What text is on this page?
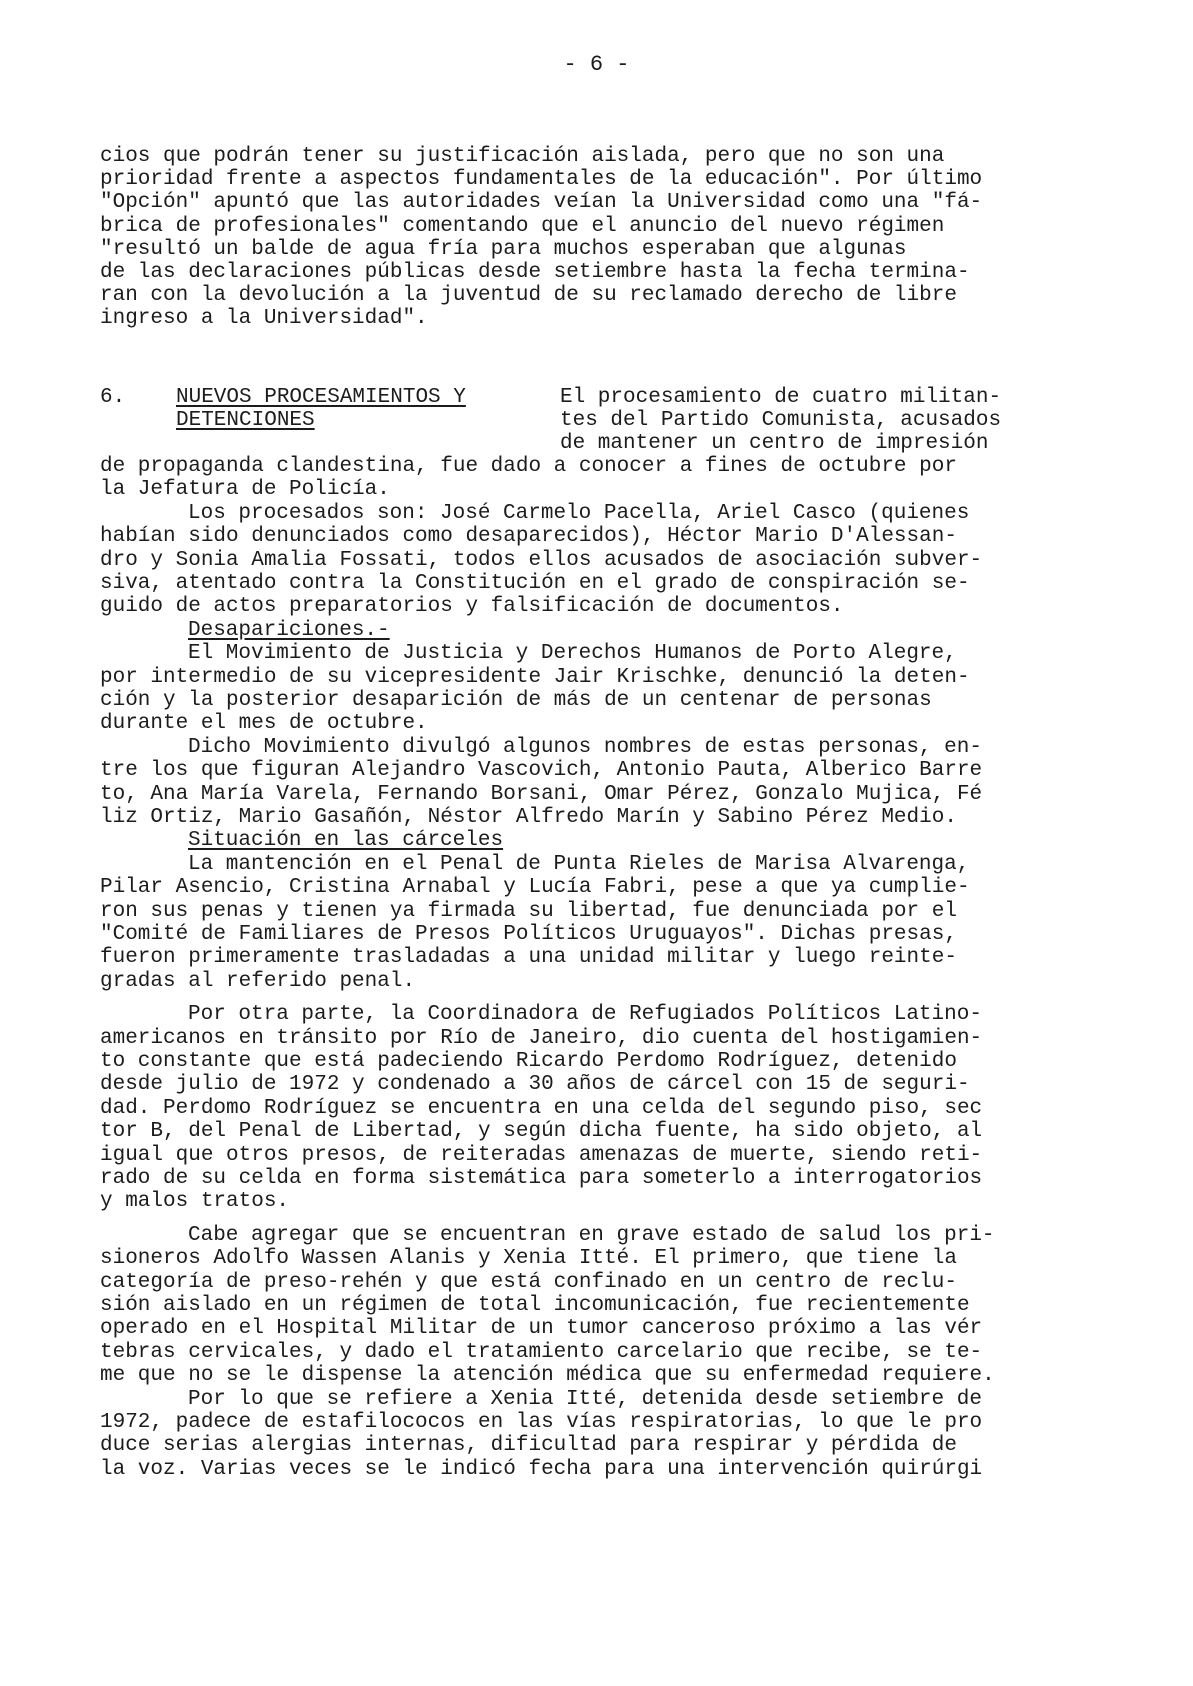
- 6 -
cios que podrán tener su justificación aislada, pero que no son una
prioridad frente a aspectos fundamentales de la educación". Por último
"Opción" apuntó que las autoridades veían la Universidad como una "fá-
brica de profesionales" comentando que el anuncio del nuevo régimen
"resultó un balde de agua fría para muchos esperaban que algunas
de las declaraciones públicas desde setiembre hasta la fecha termina-
ran con la devolución a la juventud de su reclamado derecho de libre
ingreso a la Universidad".
6. NUEVOS PROCESAMIENTOS Y
DETENCIONES
El procesamiento de cuatro militan-
tes del Partido Comunista, acusados
de mantener un centro de impresión
de propaganda clandestina, fue dado a conocer a fines de octubre por
la Jefatura de Policía.
Los procesados son: José Carmelo Pacella, Ariel Casco (quienes
habían sido denunciados como desaparecidos), Héctor Mario D'Alessan-
dro y Sonia Amalia Fossati, todos ellos acusados de asociación subver-
siva, atentado contra la Constitución en el grado de conspiración se-
guido de actos preparatorios y falsificación de documentos.
Desapariciones.-
El Movimiento de Justicia y Derechos Humanos de Porto Alegre,
por intermedio de su vicepresidente Jair Krischke, denunció la deten-
ción y la posterior desaparición de más de un centenar de personas
durante el mes de octubre.
Dicho Movimiento divulgó algunos nombres de estas personas, en-
tre los que figuran Alejandro Vascovich, Antonio Pauta, Alberico Barre
to, Ana María Varela, Fernando Borsani, Omar Pérez, Gonzalo Mujica, Fé
liz Ortiz, Mario Gasañón, Néstor Alfredo Marín y Sabino Pérez Medio.
Situación en las cárceles
La mantención en el Penal de Punta Rieles de Marisa Alvarenga,
Pilar Asencio, Cristina Arnabal y Lucía Fabri, pese a que ya cumplie-
ron sus penas y tienen ya firmada su libertad, fue denunciada por el
"Comité de Familiares de Presos Políticos Uruguayos". Dichas presas,
fueron primeramente trasladadas a una unidad militar y luego reinte-
gradas al referido penal.
Por otra parte, la Coordinadora de Refugiados Políticos Latino-
americanos en tránsito por Río de Janeiro, dio cuenta del hostigamien-
to constante que está padeciendo Ricardo Perdomo Rodríguez, detenido
desde julio de 1972 y condenado a 30 años de cárcel con 15 de seguri-
dad. Perdomo Rodríguez se encuentra en una celda del segundo piso, sec
tor B, del Penal de Libertad, y según dicha fuente, ha sido objeto, al
igual que otros presos, de reiteradas amenazas de muerte, siendo reti-
rado de su celda en forma sistemática para someterlo a interrogatorios
y malos tratos.
Cabe agregar que se encuentran en grave estado de salud los pri-
sioneros Adolfo Wassen Alanis y Xenia Itté. El primero, que tiene la
categoría de preso-rehén y que está confinado en un centro de reclu-
sión aislado en un régimen de total incomunicación, fue recientemente
operado en el Hospital Militar de un tumor canceroso próximo a las vér
tebras cervicales, y dado el tratamiento carcelario que recibe, se te-
me que no se le dispense la atención médica que su enfermedad requiere.
Por lo que se refiere a Xenia Itté, detenida desde setiembre de
1972, padece de estafilococos en las vías respiratorias, lo que le pro
duce serias alergias internas, dificultad para respirar y pérdida de
la voz. Varias veces se le indicó fecha para una intervención quirúrgi
